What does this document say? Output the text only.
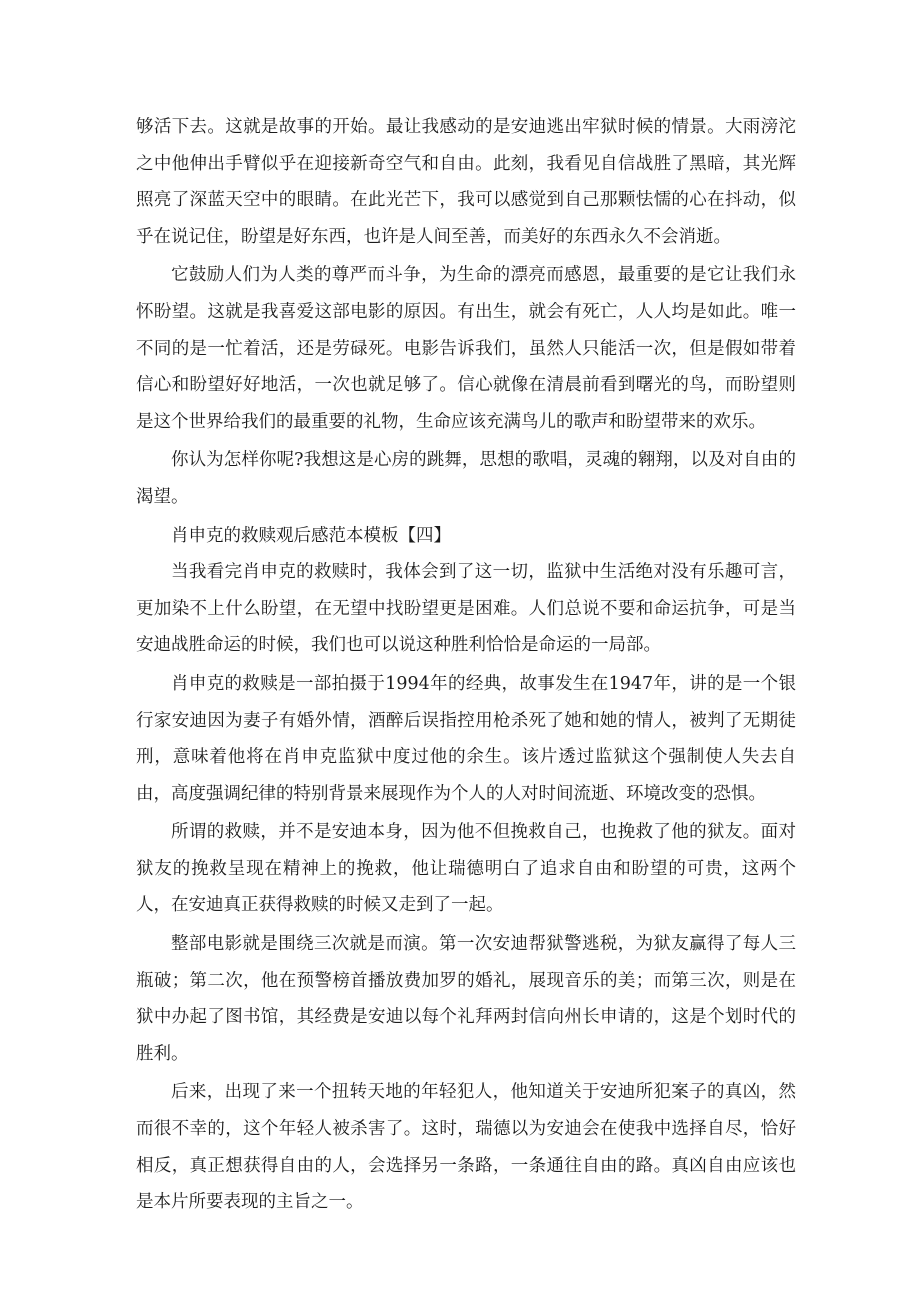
够活下去。这就是故事的开始。最让我感动的是安迪逃出牢狱时候的情景。大雨滂沱之中他伸出手臂似乎在迎接新奇空气和自由。此刻，我看见自信战胜了黑暗，其光辉照亮了深蓝天空中的眼睛。在此光芒下，我可以感觉到自己那颗怯懦的心在抖动，似乎在说记住，盼望是好东西，也许是人间至善，而美好的东西永久不会消逝。

它鼓励人们为人类的尊严而斗争，为生命的漂亮而感恩，最重要的是它让我们永怀盼望。这就是我喜爱这部电影的原因。有出生，就会有死亡，人人均是如此。唯一不同的是一忙着活，还是劳碌死。电影告诉我们，虽然人只能活一次，但是假如带着信心和盼望好好地活，一次也就足够了。信心就像在清晨前看到曙光的鸟，而盼望则是这个世界给我们的最重要的礼物，生命应该充满鸟儿的歌声和盼望带来的欢乐。

你认为怎样你呢?我想这是心房的跳舞，思想的歌唱，灵魂的翱翔，以及对自由的渴望。

肖申克的救赎观后感范本模板【四】

当我看完肖申克的救赎时，我体会到了这一切，监狱中生活绝对没有乐趣可言，更加染不上什么盼望，在无望中找盼望更是困难。人们总说不要和命运抗争，可是当安迪战胜命运的时候，我们也可以说这种胜利恰恰是命运的一局部。

肖申克的救赎是一部拍摄于1994年的经典，故事发生在1947年，讲的是一个银行家安迪因为妻子有婚外情，酒醉后误指控用枪杀死了她和她的情人，被判了无期徒刑，意味着他将在肖申克监狱中度过他的余生。该片透过监狱这个强制使人失去自由，高度强调纪律的特别背景来展现作为个人的人对时间流逝、环境改变的恐惧。

所谓的救赎，并不是安迪本身，因为他不但挽救自己，也挽救了他的狱友。面对狱友的挽救呈现在精神上的挽救，他让瑞德明白了追求自由和盼望的可贵，这两个人，在安迪真正获得救赎的时候又走到了一起。

整部电影就是围绕三次就是而演。第一次安迪帮狱警逃税，为狱友赢得了每人三瓶破；第二次，他在预警榜首播放费加罗的婚礼，展现音乐的美；而第三次，则是在狱中办起了图书馆，其经费是安迪以每个礼拜两封信向州长申请的，这是个划时代的胜利。

后来，出现了来一个扭转天地的年轻犯人，他知道关于安迪所犯案子的真凶，然而很不幸的，这个年轻人被杀害了。这时，瑞德以为安迪会在使我中选择自尽，恰好相反，真正想获得自由的人，会选择另一条路，一条通往自由的路。真凶自由应该也是本片所要表现的主旨之一。
